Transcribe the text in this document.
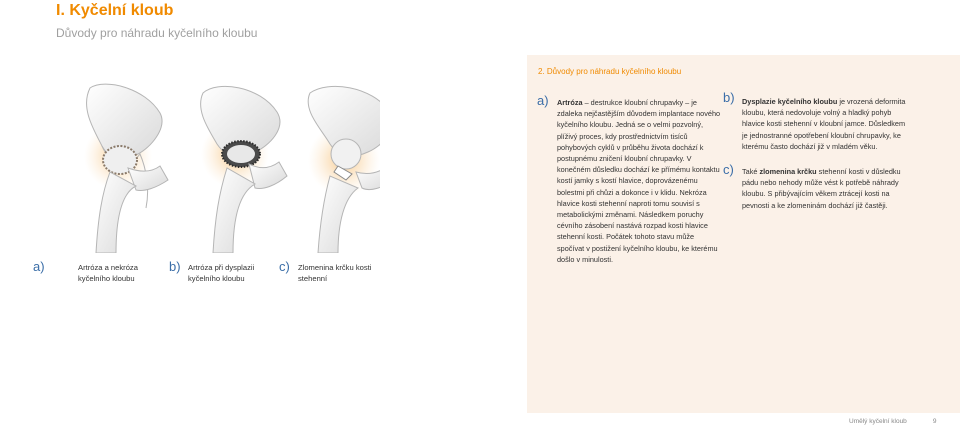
I. Kyčelní kloub
Důvody pro náhradu kyčelního kloubu
a)	Artróza a nekróza
kyčelního kloubu
b) Artróza při dysplazii
kyčelního kloubu
c) Zlomenina krčku kosti
stehenní
2. Důvody pro náhradu kyčelního kloubu
a) Artróza – destrukce kloubní chrupavky – je zdaleka nejčastějším důvodem implantace nového kyčelního kloubu. Jedná se o velmi pozvolný, plíživý proces, kdy prostřednictvím tisíců pohybových cyklů v průběhu života dochází k postupnému zničení kloubní chrupavky. V konečném důsledku dochází ke přímému kontaktu kostí jamky s kostí hlavice, doprovázenému bolestmi při chůzi a dokonce i v klidu. Nekróza hlavice kosti stehenní naproti tomu souvisí s metabolickými změnami. Následkem poruchy cévního zásobení nastává rozpad kosti hlavice stehenní kosti. Počátek tohoto stavu může spočívat v postižení kyčelního kloubu, ke kterému došlo v minulosti.

b) Dysplazie kyčelního kloubu je vrozená deformita kloubu, která nedovoluje volný a hladký pohyb hlavice kosti stehenní v kloubní jamce. Důsledkem je jednostranné opotřebení kloubní chrupavky, ke kterému často dochází již v mladém věku.

c) Také zlomenina krčku stehenní kosti v důsledku pádu nebo nehody může vést k potřebě náhrady kloubu. S přibývajícím věkem ztrácejí kosti na pevnosti a ke zlomeninám dochází již častěji.

Umělý kyčelní kloub	9
